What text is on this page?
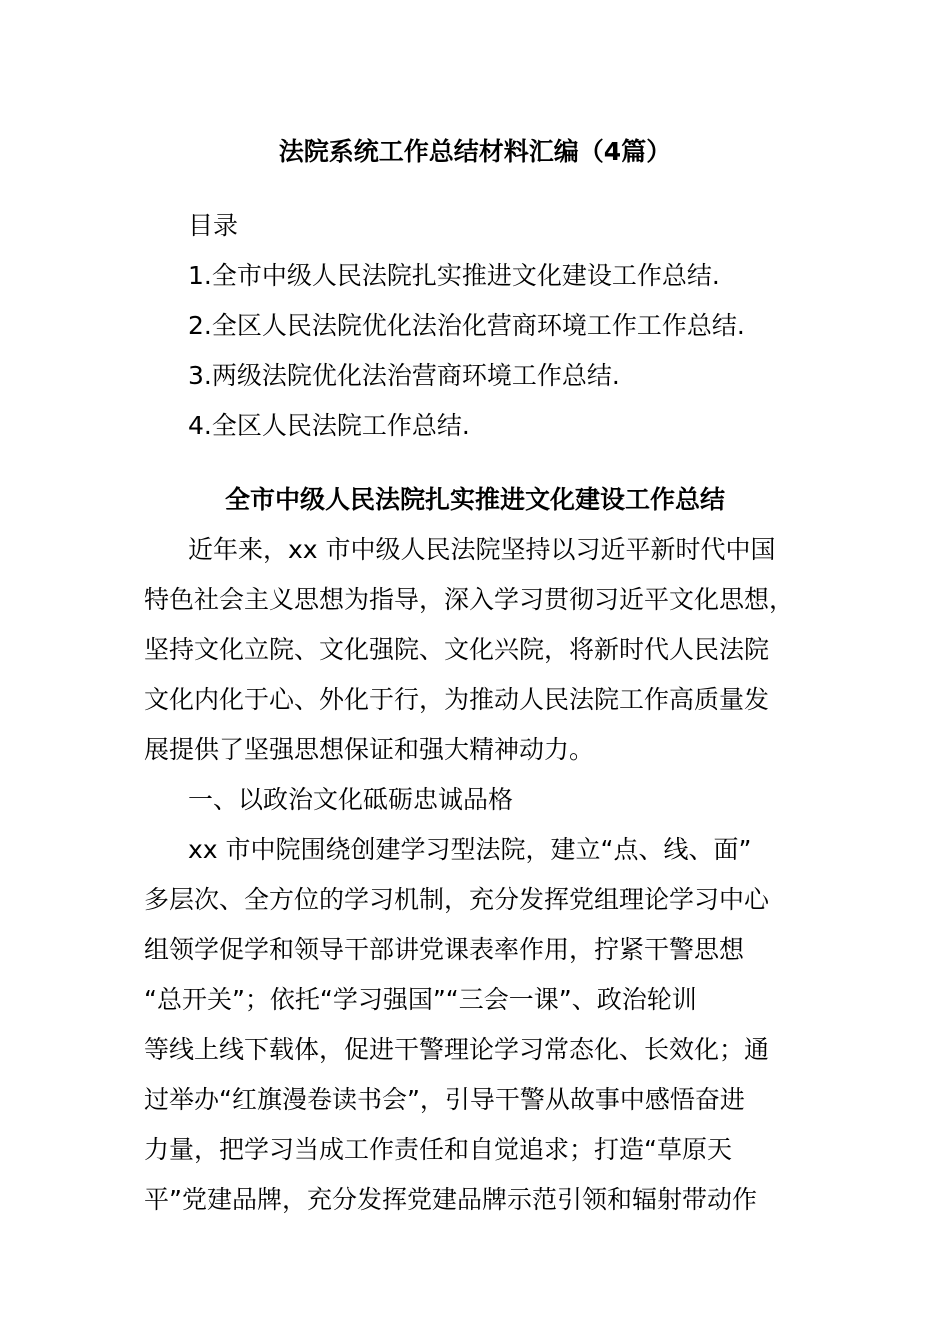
法院系统工作总结材料汇编（4篇）
目录
1.全市中级人民法院扎实推进文化建设工作总结.
2.全区人民法院优化法治化营商环境工作工作总结.
3.两级法院优化法治营商环境工作总结.
4.全区人民法院工作总结.
全市中级人民法院扎实推进文化建设工作总结
近年来，xx 市中级人民法院坚持以习近平新时代中国
特色社会主义思想为指导，深入学习贯彻习近平文化思想，
坚持文化立院、文化强院、文化兴院，将新时代人民法院
文化内化于心、外化于行，为推动人民法院工作高质量发
展提供了坚强思想保证和强大精神动力。
一、以政治文化砥砺忠诚品格
xx 市中院围绕创建学习型法院，建立“点、线、面”
多层次、全方位的学习机制，充分发挥党组理论学习中心
组领学促学和领导干部讲党课表率作用，拧紧干警思想
“总开关”；依托“学习强国”“三会一课”、政治轮训
等线上线下载体，促进干警理论学习常态化、长效化；通
过举办“红旗漫卷读书会”，引导干警从故事中感悟奋进
力量，把学习当成工作责任和自觉追求；打造“草原天
平”党建品牌，充分发挥党建品牌示范引领和辐射带动作
